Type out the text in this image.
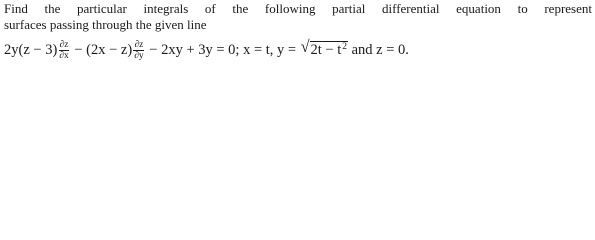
Find the particular integrals of the following partial differential equation to represent
surfaces passing through the given line
$2y(z - 3) \frac{\partial z}{\partial x} - (2x - z) \frac{\partial z}{\partial y} - 2xy + 3y = 0$; x = t, y = √ $2t - t^2$ and z = 0.
